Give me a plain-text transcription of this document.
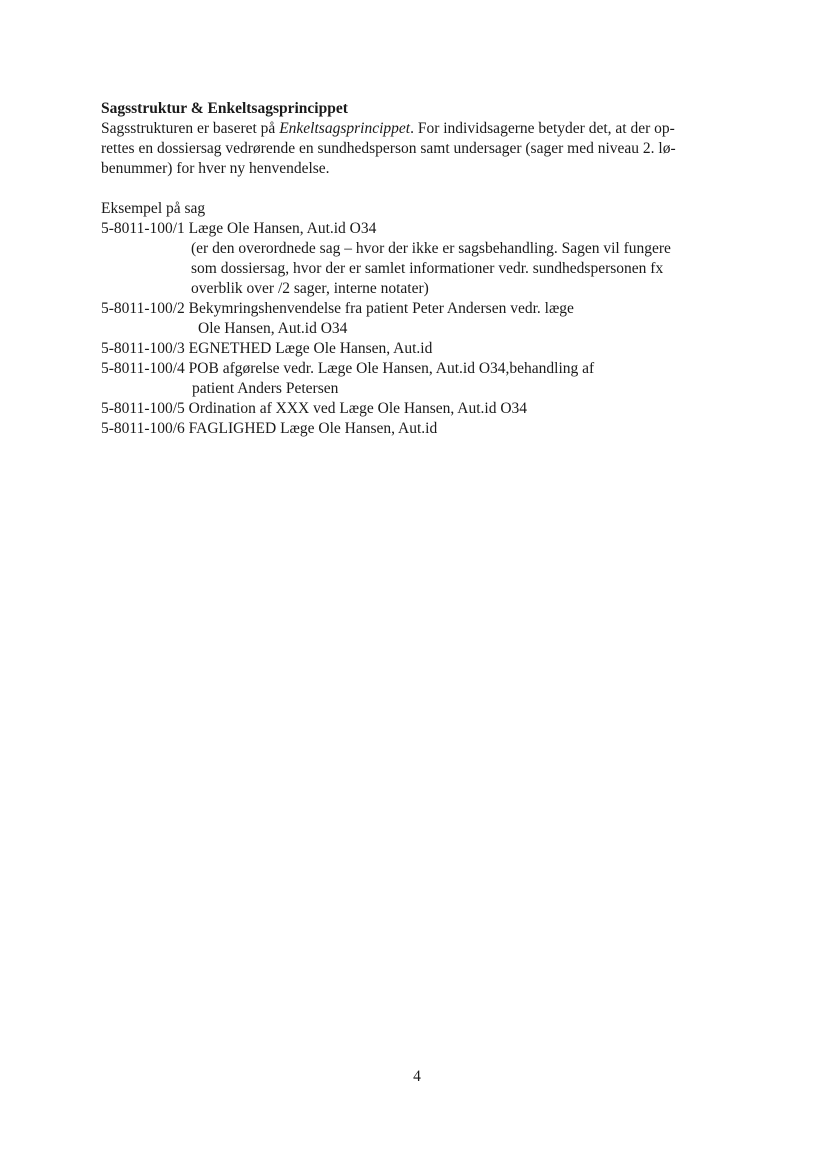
Sagsstruktur & Enkeltsagsprincippet

Sagsstrukturen er baseret på Enkeltsagsprincippet. For individsagerne betyder det, at der op-
rettes en dossiersag vedrørende en sundhedsperson samt undersager (sager med niveau 2. lø-
benummer) for hver ny henvendelse.

Eksempel på sag

5-8011-100/1 Læge Ole Hansen, Aut.id O34

(er den overordnede sag – hvor der ikke er sagsbehandling. Sagen vil fungere

som dossiersag, hvor der er samlet informationer vedr. sundhedspersonen fx

overblik over /2 sager, interne notater)

5-8011-100/2 Bekymringshenvendelse fra patient Peter Andersen vedr. læge

Ole Hansen, Aut.id O34

5-8011-100/3 EGNETHED Læge Ole Hansen, Aut.id

5-8011-100/4 POB afgørelse vedr. Læge Ole Hansen, Aut.id O34,behandling af

patient Anders Petersen

5-8011-100/5 Ordination af XXX ved Læge Ole Hansen, Aut.id O34

5-8011-100/6 FAGLIGHED Læge Ole Hansen, Aut.id

4
